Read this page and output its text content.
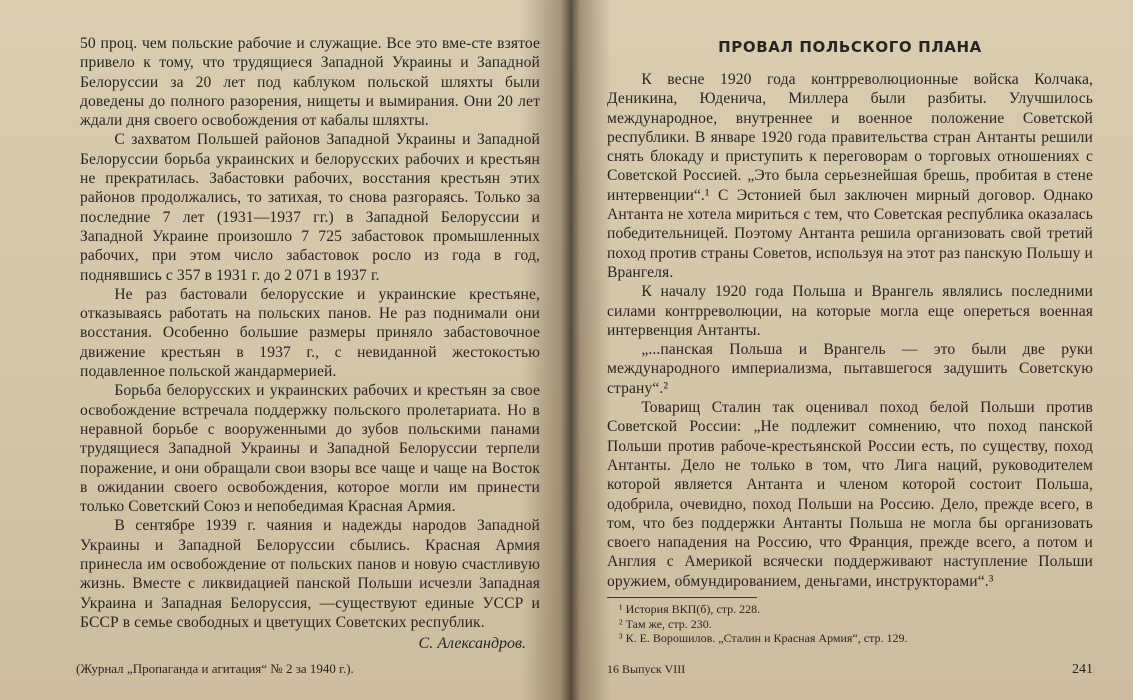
50 проц. чем польские рабочие и служащие. Все это вме-сте взятое привело к тому, что трудящиеся Западной Украины и Западной Белоруссии за 20 лет под каблуком польской шляхты были доведены до полного разорения, нищеты и вымирания. Они 20 лет ждали дня своего освобождения от кабалы шляхты.

С захватом Польшей районов Западной Украины и Западной Белоруссии борьба украинских и белорусских рабочих и крестьян не прекратилась. Забастовки рабочих, восстания крестьян этих районов продолжались, то затихая, то снова разгораясь. Только за последние 7 лет (1931—1937 гг.) в Западной Белоруссии и Западной Украине произошло 7 725 забастовок промышленных рабочих, при этом число забастовок росло из года в год, поднявшись с 357 в 1931 г. до 2 071 в 1937 г.

Не раз бастовали белорусские и украинские крестьяне, отказываясь работать на польских панов. Не раз поднимали они восстания. Особенно большие размеры приняло забастовочное движение крестьян в 1937 г., с невиданной жестокостью подавленное польской жандармерией.

Борьба белорусских и украинских рабочих и крестьян за свое освобождение встречала поддержку польского пролетариата. Но в неравной борьбе с вооруженными до зубов польскими панами трудящиеся Западной Украины и Западной Белоруссии терпели поражение, и они обращали свои взоры все чаще и чаще на Восток в ожидании своего освобождения, которое могли им принести только Советский Союз и непобедимая Красная Армия.

В сентябре 1939 г. чаяния и надежды народов Западной Украины и Западной Белоруссии сбылись. Красная Армия принесла им освобождение от польских панов и новую счастливую жизнь. Вместе с ликвидацией панской Польши исчезли Западная Украина и Западная Белоруссия, —существуют единые УССР и БССР в семье свободных и цветущих Советских республик.

С. Александров.

(Журнал „Пропаганда и агитация“ № 2 за 1940 г.).

ПРОВАЛ ПОЛЬСКОГО ПЛАНА

К весне 1920 года контрреволюционные войска Колчака, Деникина, Юденича, Миллера были разбиты. Улучшилось международное, внутреннее и военное положение Советской республики. В январе 1920 года правительства стран Антанты решили снять блокаду и приступить к переговорам о торговых отношениях с Советской Россией. „Это была серьезнейшая брешь, пробитая в стене интервенции“.¹ С Эстонией был заключен мирный договор. Однако Антанта не хотела мириться с тем, что Советская республика оказалась победительницей. Поэтому Антанта решила организовать свой третий поход против страны Советов, используя на этот раз панскую Польшу и Врангеля.

К началу 1920 года Польша и Врангель являлись последними силами контрреволюции, на которые могла еще опереться военная интервенция Антанты.

„...панская Польша и Врангель — это были две руки международного империализма, пытавшегося задушить Советскую страну“.²

Товарищ Сталин так оценивал поход белой Польши против Советской России: „Не подлежит сомнению, что поход панской Польши против рабоче-крестьянской России есть, по существу, поход Антанты. Дело не только в том, что Лига наций, руководителем которой является Антанта и членом которой состоит Польша, одобрила, очевидно, поход Польши на Россию. Дело, прежде всего, в том, что без поддержки Антанты Польша не могла бы организовать своего нападения на Россию, что Франция, прежде всего, а потом и Англия с Америкой всячески поддерживают наступление Польши оружием, обмундированием, деньгами, инструкторами“.³

¹ История ВКП(б), стр. 228.

² Там же, стр. 230.

³ К. Е. Ворошилов. „Сталин и Красная Армия“, стр. 129.

16 Выпуск VIII	241
